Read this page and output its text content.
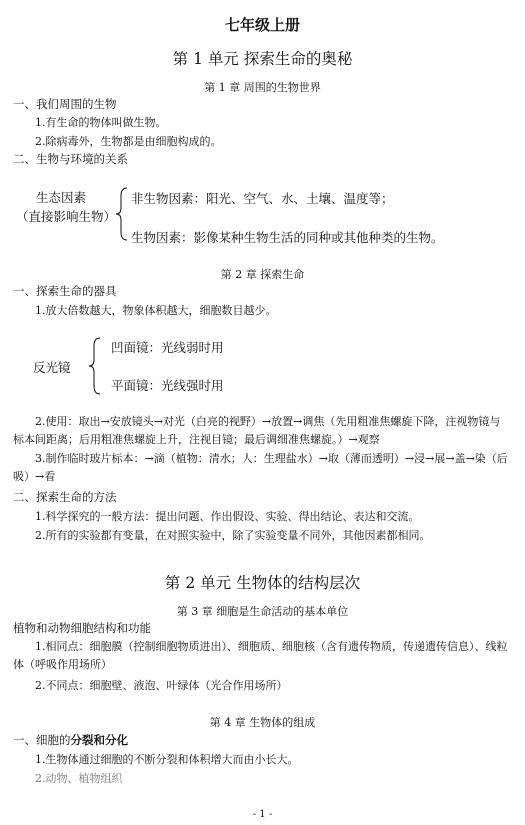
七年级上册
第 1 单元 探索生命的奥秘
第 1 章 周围的生物世界
一、我们周围的生物
1.有生命的物体叫做生物。
2.除病毒外，生物都是由细胞构成的。
二、生物与环境的关系
生态因素
（直接影响生物）
非生物因素：阳光、空气、水、土壤、温度等；
生物因素：影像某种生物生活的同种或其他种类的生物。
第 2 章 探索生命
一、探索生命的器具
1.放大倍数越大，物象体积越大，细胞数目越少。
反光镜
凹面镜：光线弱时用
平面镜：光线强时用
2.使用：取出→安放镜头→对光（白亮的视野）→放置→调焦（先用粗准焦螺旋下降，注视物镜与标本间距离；后用粗准焦螺旋上升，注视目镜；最后调细准焦螺旋。）→观察
3.制作临时玻片标本：→滴（植物：清水；人：生理盐水）→取（薄而透明）→浸→展→盖→染（后吸）→看
二、探索生命的方法
1.科学探究的一般方法：提出问题、作出假设、实验、得出结论、表达和交流。
2.所有的实验都有变量，在对照实验中，除了实验变量不同外，其他因素都相同。
第 2 单元 生物体的结构层次
第 3 章 细胞是生命活动的基本单位
植物和动物细胞结构和功能
1.相同点：细胞膜（控制细胞物质进出）、细胞质、细胞核（含有遗传物质，传递遗传信息）、线粒体（呼吸作用场所）
2.不同点：细胞壁、液泡、叶绿体（光合作用场所）
第 4 章 生物体的组成
一、细胞的分裂和分化
1.生物体通过细胞的不断分裂和体积增大而由小长大。
2.动物、植物组织
- 1 -
